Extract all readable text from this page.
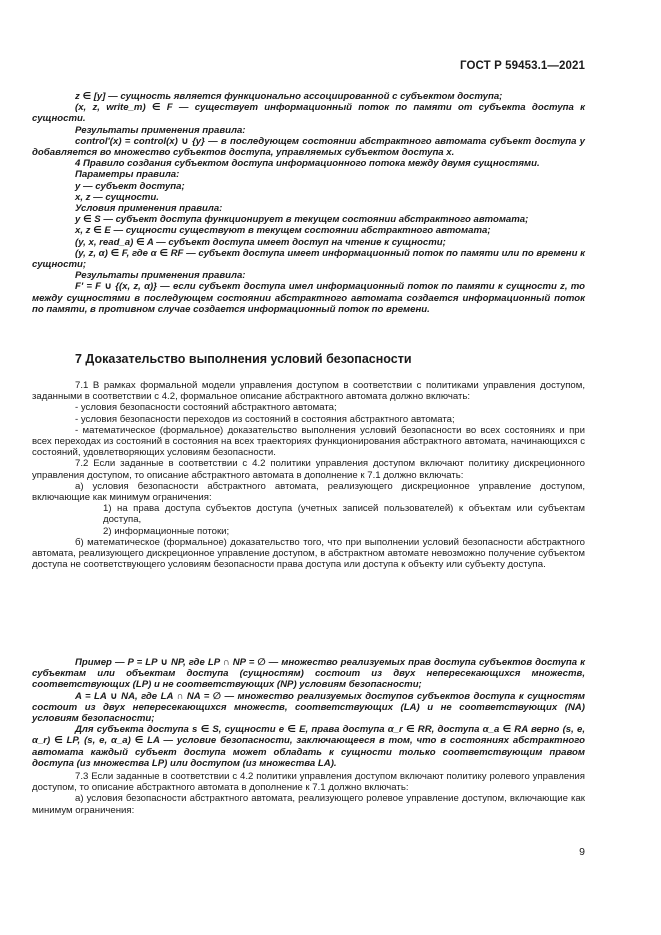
ГОСТ Р 59453.1—2021

z ∈ [y] — сущность является функционально ассоциированной с субъектом доступа;

(x, z, write_m) ∈ F — существует информационный поток по памяти от субъекта доступа к сущности.

Результаты применения правила:

control'(x) = control(x) ∪ {y} — в последующем состоянии абстрактного автомата субъект доступа y добавляется во множество субъектов доступа, управляемых субъектом доступа x.

4 Правило создания субъектом доступа информационного потока между двумя сущностями.

Параметры правила:

y — субъект доступа;

x, z — сущности.

Условия применения правила:

y ∈ S — субъект доступа функционирует в текущем состоянии абстрактного автомата;

x, z ∈ E — сущности существуют в текущем состоянии абстрактного автомата;

(y, x, read_a) ∈ A — субъект доступа имеет доступ на чтение к сущности;

(y, z, α) ∈ F, где α ∈ RF — субъект доступа имеет информационный поток по памяти или по времени к сущности;

Результаты применения правила:

F' = F ∪ {(x, z, α)} — если субъект доступа имел информационный поток по памяти к сущности z, то между сущностями в последующем состоянии абстрактного автомата создается информационный поток по памяти, в противном случае создается информационный поток по времени.

7 Доказательство выполнения условий безопасности

7.1 В рамках формальной модели управления доступом в соответствии с политиками управления доступом, заданными в соответствии с 4.2, формальное описание абстрактного автомата должно включать:

- условия безопасности состояний абстрактного автомата;

- условия безопасности переходов из состояний в состояния абстрактного автомата;

- математическое (формальное) доказательство выполнения условий безопасности во всех состояниях и при всех переходах из состояний в состояния на всех траекториях функционирования абстрактного автомата, начинающихся с состояний, удовлетворяющих условиям безопасности.

7.2 Если заданные в соответствии с 4.2 политики управления доступом включают политику дискреционного управления доступом, то описание абстрактного автомата в дополнение к 7.1 должно включать:

а) условия безопасности абстрактного автомата, реализующего дискреционное управление доступом, включающие как минимум ограничения:

1) на права доступа субъектов доступа (учетных записей пользователей) к объектам или субъектам доступа,

2) информационные потоки;

б) математическое (формальное) доказательство того, что при выполнении условий безопасности абстрактного автомата, реализующего дискреционное управление доступом, в абстрактном автомате невозможно получение субъектом доступа не соответствующего условиям безопасности права доступа или доступа к объекту или субъекту доступа.

Пример — P = LP ∪ NP, где LP ∩ NP = ∅ — множество реализуемых прав доступа субъектов доступа к субъектам или объектам доступа (сущностям) состоит из двух непересекающихся множеств, соответствующих (LP) и не соответствующих (NP) условиям безопасности;

A = LA ∪ NA, где LA ∩ NA = ∅ — множество реализуемых доступов субъектов доступа к сущностям состоит из двух непересекающихся множеств, соответствующих (LA) и не соответствующих (NA) условиям безопасности;

Для субъекта доступа s ∈ S, сущности e ∈ E, права доступа α_r ∈ RR, доступа α_a ∈ RA верно (s, e, α_r) ∈ LP, (s, e, α_a) ∈ LA — условие безопасности, заключающееся в том, что в состояниях абстрактного автомата каждый субъект доступа может обладать к сущности только соответствующим правом доступа (из множества LP) или доступом (из множества LA).

7.3 Если заданные в соответствии с 4.2 политики управления доступом включают политику ролевого управления доступом, то описание абстрактного автомата в дополнение к 7.1 должно включать:

а) условия безопасности абстрактного автомата, реализующего ролевое управление доступом, включающие как минимум ограничения:

9
